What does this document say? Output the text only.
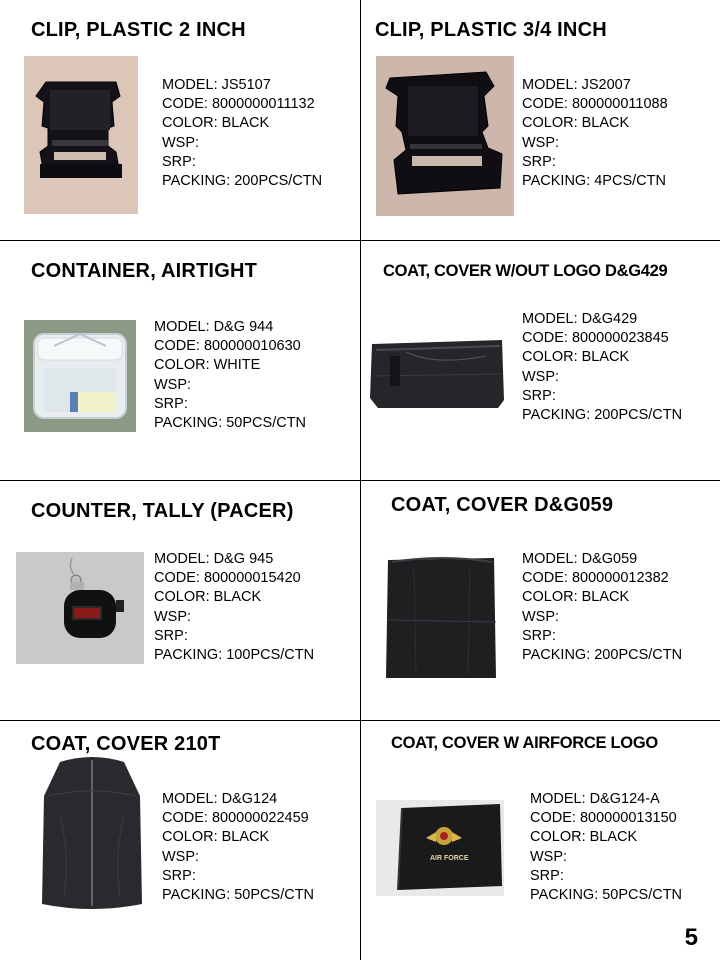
CLIP, PLASTIC 2 INCH
MODEL: JS5107
CODE: 8000000011132
COLOR: BLACK
WSP:
SRP:
PACKING: 200PCS/CTN
CLIP, PLASTIC 3/4 INCH
MODEL: JS2007
CODE: 800000011088
COLOR: BLACK
WSP:
SRP:
PACKING: 4PCS/CTN
CONTAINER, AIRTIGHT
MODEL: D&G 944
CODE: 800000010630
COLOR: WHITE
WSP:
SRP:
PACKING: 50PCS/CTN
COAT, COVER W/OUT LOGO D&G429
MODEL: D&G429
CODE: 800000023845
COLOR: BLACK
WSP:
SRP:
PACKING: 200PCS/CTN
COUNTER, TALLY (PACER)
MODEL: D&G 945
CODE: 800000015420
COLOR: BLACK
WSP:
SRP:
PACKING: 100PCS/CTN
COAT, COVER D&G059
MODEL: D&G059
CODE: 800000012382
COLOR: BLACK
WSP:
SRP:
PACKING: 200PCS/CTN
COAT, COVER 210T
MODEL: D&G124
CODE: 800000022459
COLOR: BLACK
WSP:
SRP:
PACKING: 50PCS/CTN
COAT, COVER W AIRFORCE LOGO
AIR FORCE
MODEL: D&G124-A
CODE: 800000013150
COLOR: BLACK
WSP:
SRP:
PACKING: 50PCS/CTN
5
